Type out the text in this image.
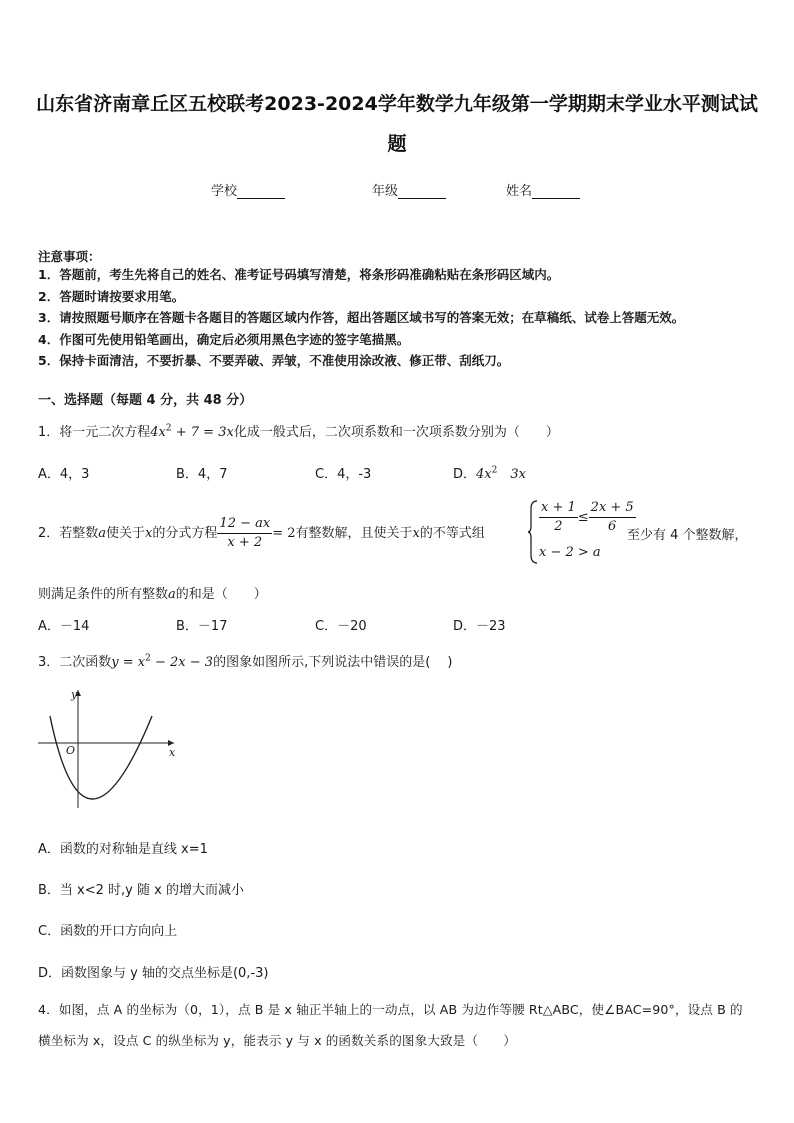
山东省济南章丘区五校联考2023-2024学年数学九年级第一学期期末学业水平测试试
题
学校	年级	姓名
注意事项：
1．答题前，考生先将自己的姓名、准考证号码填写清楚，将条形码准确粘贴在条形码区域内。
2．答题时请按要求用笔。
3．请按照题号顺序在答题卡各题目的答题区域内作答，超出答题区域书写的答案无效；在草稿纸、试卷上答题无效。
4．作图可先使用铅笔画出，确定后必须用黑色字迹的签字笔描黑。
5．保持卡面清洁，不要折暴、不要弄破、弄皱，不准使用涂改液、修正带、刮纸刀。
一、选择题（每题 4 分，共 48 分）
1．将一元二次方程$4x^2 + 7 = 3x$化成一般式后，二次项系数和一次项系数分别为（　　）
A．4，3	B．4，7	C．4，-3	D．$4x^2$　3x
2．若整数a使关于x的分式方程 $\frac{12 - ax}{x + 2} = 2$有整数解，且使关于x的不等式组	$\frac{x + 1}{2} \le \frac{2x + 5}{6}$
x − 2 > a
至少有 4 个整数解，
则满足条件的所有整数a的和是（　　）
A．－14	B．－17	C．－20	D．－23
3．二次函数$y = x^2 - 2x - 3$的图象如图所示,下列说法中错误的是(　 )
y
x
O
A．函数的对称轴是直线 x=1
B．当 x<2 时,y 随 x 的增大而减小
C．函数的开口方向向上
D．函数图象与 y 轴的交点坐标是(0,-3)
4．如图，点 A 的坐标为（0，1），点 B 是 x 轴正半轴上的一动点，以 AB 为边作等腰 Rt△ABC，使∠BAC=90°，设点 B 的
横坐标为 x，设点 C 的纵坐标为 y，能表示 y 与 x 的函数关系的图象大致是（　　）
